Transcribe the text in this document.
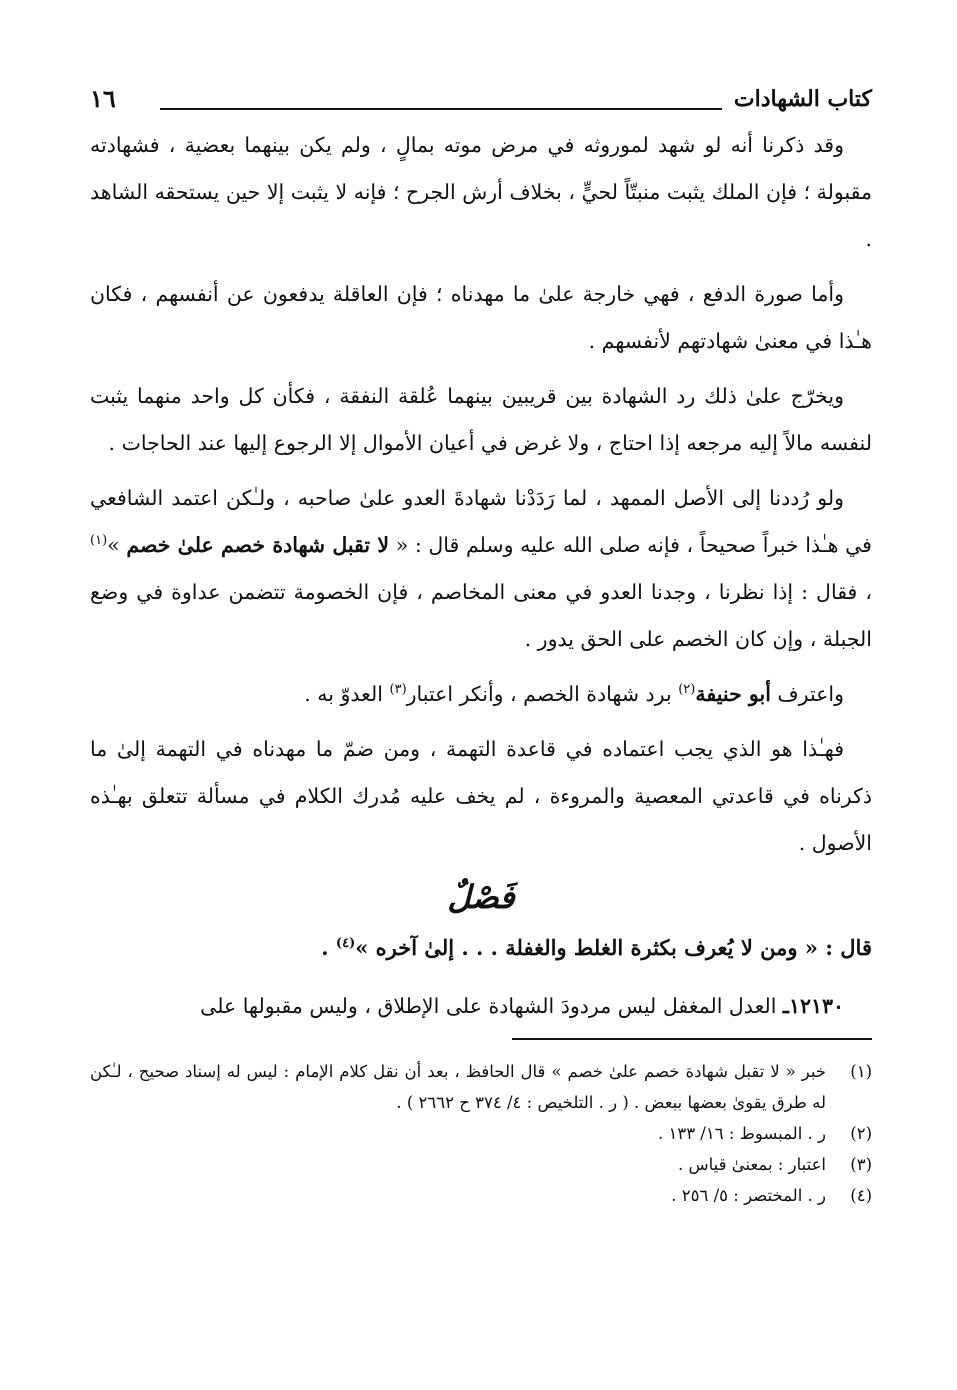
كتاب الشهادات
١٦

وقد ذكرنا أنه لو شهد لموروثه في مرض موته بمالٍ ، ولم يكن بينهما بعضية ، فشهادته مقبولة ؛ فإن الملك يثبت منبتّاً لحيٍّ ، بخلاف أرش الجرح ؛ فإنه لا يثبت إلا حين يستحقه الشاهد .

وأما صورة الدفع ، فهي خارجة علىٰ ما مهدناه ؛ فإن العاقلة يدفعون عن أنفسهم ، فكان هـٰذا في معنىٰ شهادتهم لأنفسهم .

ويخرّج علىٰ ذلك رد الشهادة بين قريبين بينهما عُلقة النفقة ، فكأن كل واحد منهما يثبت لنفسه مالاً إليه مرجعه إذا احتاج ، ولا غرض في أعيان الأموال إلا الرجوع إليها عند الحاجات .

ولو رُددنا إلى الأصل الممهد ، لما رَدَدْنا شهادةَ العدو علىٰ صاحبه ، ولـٰكن اعتمد الشافعي في هـٰذا خبراً صحيحاً ، فإنه صلى الله عليه وسلم قال : « لا تقبل شهادة خصم علىٰ خصم »$^{(١)}$ ، فقال : إذا نظرنا ، وجدنا العدو في معنى المخاصم ، فإن الخصومة تتضمن عداوة في وضع الجبلة ، وإن كان الخصم على الحق يدور .

واعترف أبو حنيفة$^{(٢)}$ برد شهادة الخصم ، وأنكر اعتبار$^{(٣)}$ العدوّ به .

فهـٰذا هو الذي يجب اعتماده في قاعدة التهمة ، ومن ضمّ ما مهدناه في التهمة إلىٰ ما ذكرناه في قاعدتي المعصية والمروءة ، لم يخف عليه مُدرك الكلام في مسألة تتعلق بهـٰذه الأصول .

فَصْلٌ
قال : « ومن لا يُعرف بكثرة الغلط والغفلة . . . إلىٰ آخره »$^{(٤)}$ .

١٢١٣٠ـ العدل المغفل ليس مردودَ الشهادة على الإطلاق ، وليس مقبولها على

(١)
خبر « لا تقبل شهادة خصم علىٰ خصم » قال الحافظ ، بعد أن نقل كلام الإمام : ليس له إسناد صحيح ، لـٰكن له طرق يقوىٰ بعضها ببعض . ( ر . التلخيص : ٤/ ٣٧٤ ح ٢٦٦٢ ) .
(٢)
ر . المبسوط : ١٦/ ١٣٣ .
(٣)
اعتبار : بمعنىٰ قياس .
(٤)
ر . المختصر : ٥/ ٢٥٦ .
